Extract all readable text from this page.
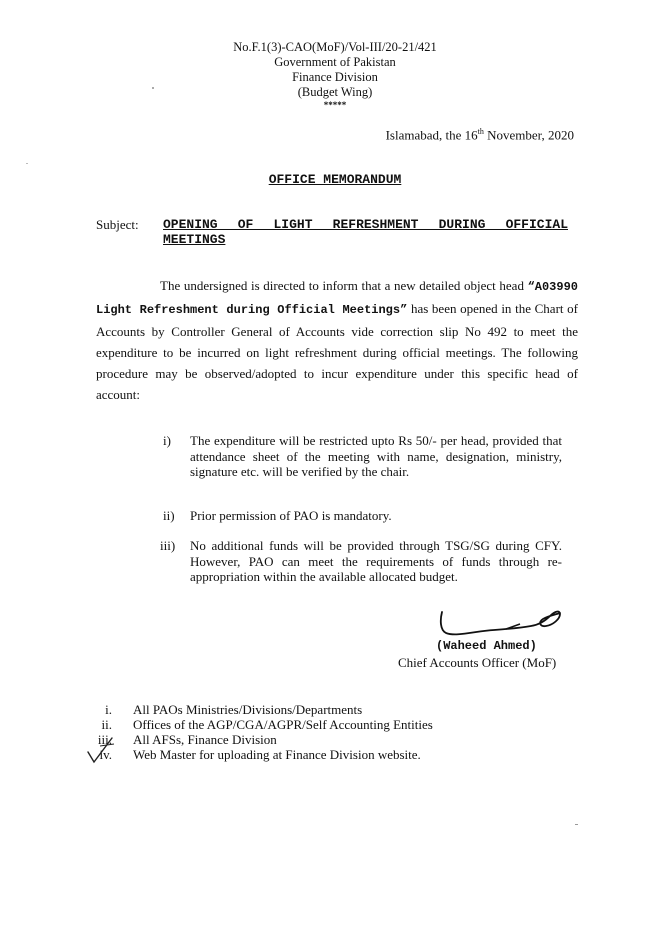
No.F.1(3)-CAO(MoF)/Vol-III/20-21/421
Government of Pakistan
Finance Division
(Budget Wing)
*****
Islamabad, the 16th November, 2020
OFFICE MEMORANDUM
Subject: OPENING OF LIGHT REFRESHMENT DURING OFFICIAL
MEETINGS
The undersigned is directed to inform that a new detailed object head “A03990 Light Refreshment during Official Meetings” has been opened in the Chart of Accounts by Controller General of Accounts vide correction slip No 492 to meet the expenditure to be incurred on light refreshment during official meetings. The following procedure may be observed/adopted to incur expenditure under this specific head of account:
i) The expenditure will be restricted upto Rs 50/- per head, provided that attendance sheet of the meeting with name, designation, ministry, signature etc. will be verified by the chair.
ii) Prior permission of PAO is mandatory.
iii) No additional funds will be provided through TSG/SG during CFY. However, PAO can meet the requirements of funds through re-appropriation within the available allocated budget.
(Waheed Ahmed)
Chief Accounts Officer (MoF)
i. All PAOs Ministries/Divisions/Departments
ii. Offices of the AGP/CGA/AGPR/Self Accounting Entities
iii. All AFSs, Finance Division
iv. Web Master for uploading at Finance Division website.
